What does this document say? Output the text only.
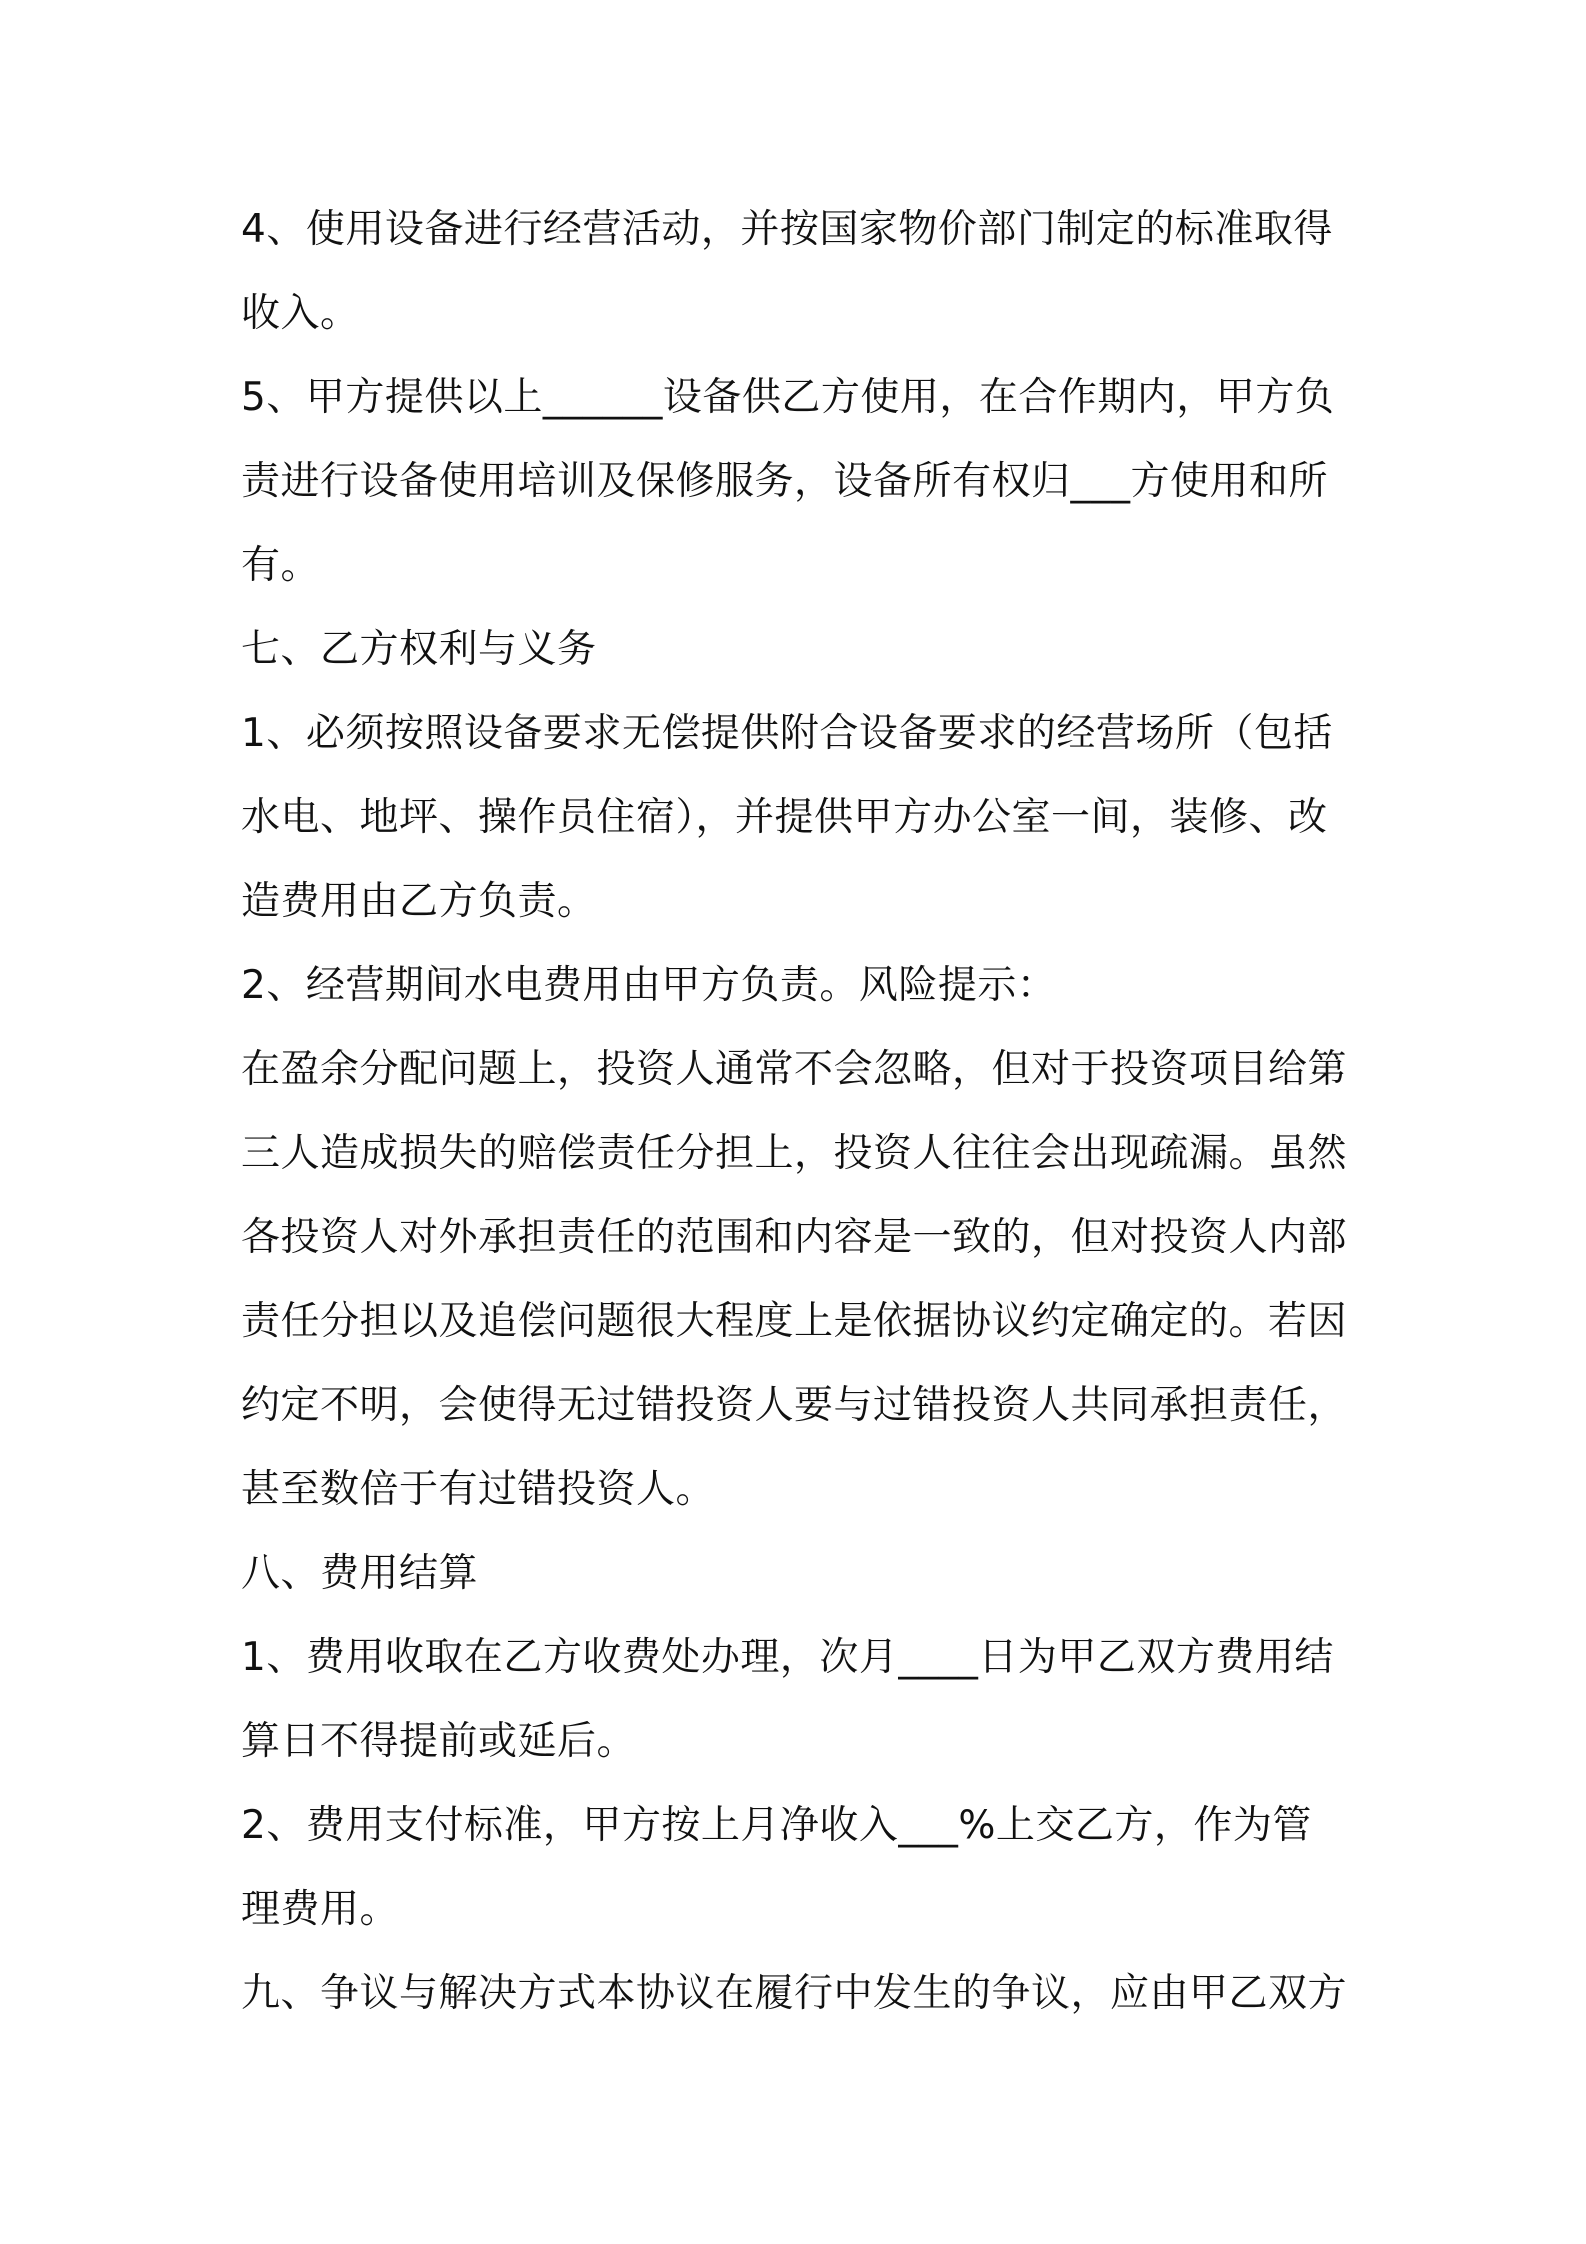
4、使用设备进行经营活动，并按国家物价部门制定的标准取得收入。

5、甲方提供以上______设备供乙方使用，在合作期内，甲方负责进行设备使用培训及保修服务，设备所有权归___方使用和所有。

七、乙方权利与义务

1、必须按照设备要求无偿提供附合设备要求的经营场所（包括水电、地坪、操作员住宿），并提供甲方办公室一间，装修、改造费用由乙方负责。

2、经营期间水电费用由甲方负责。风险提示：

在盈余分配问题上，投资人通常不会忽略，但对于投资项目给第三人造成损失的赔偿责任分担上，投资人往往会出现疏漏。虽然各投资人对外承担责任的范围和内容是一致的，但对投资人内部责任分担以及追偿问题很大程度上是依据协议约定确定的。若因约定不明，会使得无过错投资人要与过错投资人共同承担责任，甚至数倍于有过错投资人。

八、费用结算

1、费用收取在乙方收费处办理，次月____日为甲乙双方费用结算日不得提前或延后。

2、费用支付标准，甲方按上月净收入___%上交乙方，作为管理费用。

九、争议与解决方式本协议在履行中发生的争议，应由甲乙双方
